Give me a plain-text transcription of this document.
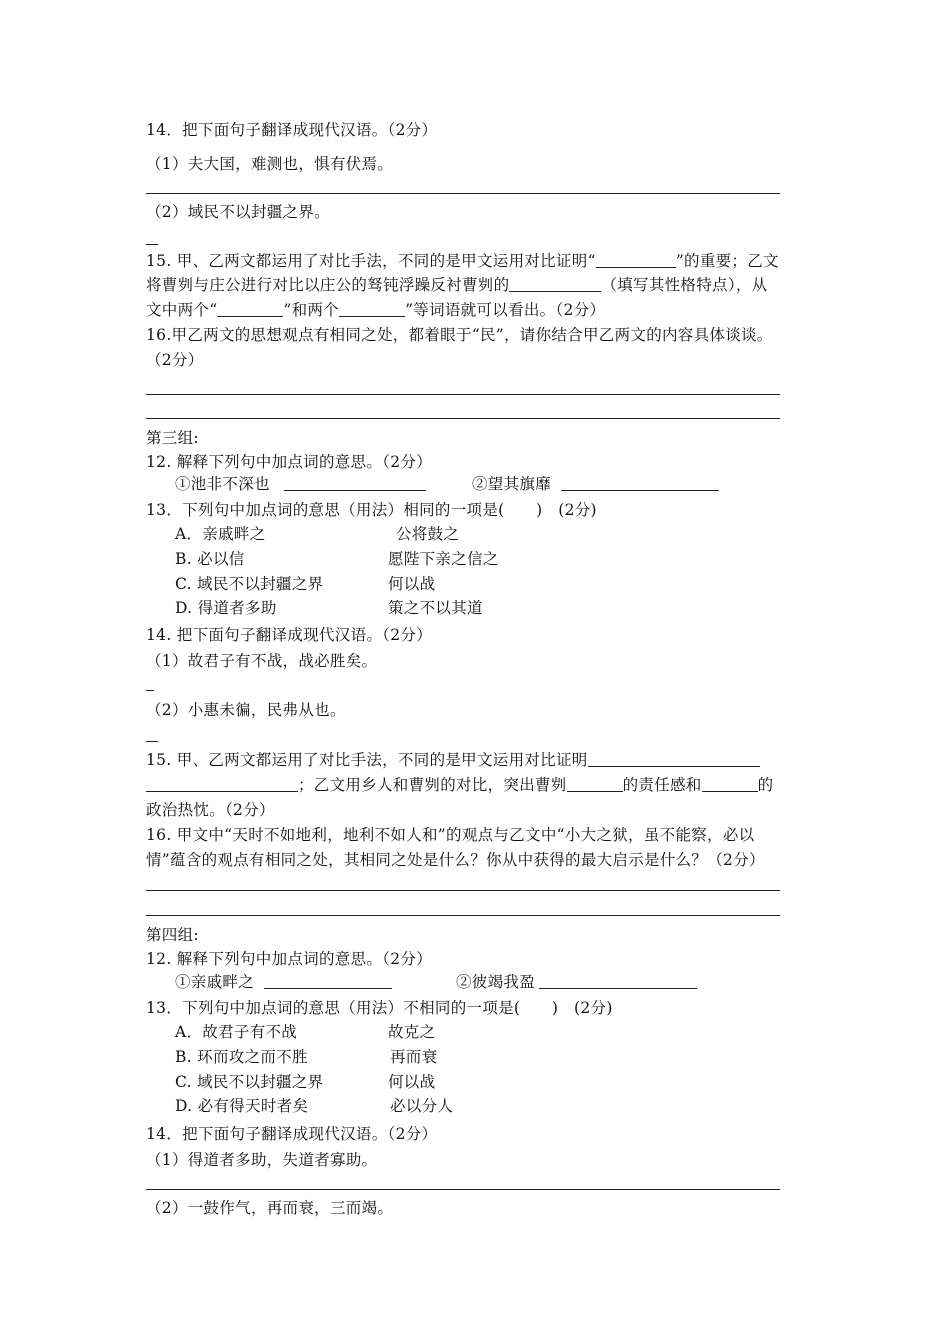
14．把下面句子翻译成现代汉语。（2分）
（1）夫大国，难测也，惧有伏焉。
（2）域民不以封疆之界。
15. 甲、乙两文都运用了对比手法，不同的是甲文运用对比证明“	”的重要；乙文
将曹刿与庄公进行对比以庄公的驽钝浮躁反衬曹刿的	（填写其性格特点），从
文中两个“	”和两个	”等词语就可以看出。（2分）
16.甲乙两文的思想观点有相同之处，都着眼于“民”，请你结合甲乙两文的内容具体谈谈。
（2分）
第三组:
12. 解释下列句中加点词的意思。（2分）
①池非不深也	②望其旗靡
13．下列句中加点词的意思（用法）相同的一项是(　　)　(2分)
A．亲戚畔之	公将鼓之
B. 必以信	愿陛下亲之信之
C. 域民不以封疆之界	何以战
D. 得道者多助	策之不以其道
14. 把下面句子翻译成现代汉语。（2分）
（1）故君子有不战，战必胜矣。
（2）小惠未徧，民弗从也。
15. 甲、乙两文都运用了对比手法，不同的是甲文运用对比证明
；乙文用乡人和曹刿的对比，突出曹刿	的责任感和	的
政治热忱。（2分）
16. 甲文中“天时不如地利，地利不如人和”的观点与乙文中“小大之狱，虽不能察，必以
情”蕴含的观点有相同之处，其相同之处是什么？你从中获得的最大启示是什么？（2分）
第四组:
12. 解释下列句中加点词的意思。（2分）
①亲戚畔之	②彼竭我盈
13．下列句中加点词的意思（用法）不相同的一项是(　　)　(2分)
A．故君子有不战	故克之
B. 环而攻之而不胜	再而衰
C. 域民不以封疆之界	何以战
D. 必有得天时者矣	必以分人
14．把下面句子翻译成现代汉语。（2分）
（1）得道者多助，失道者寡助。
（2）一鼓作气，再而衰，三而竭。
